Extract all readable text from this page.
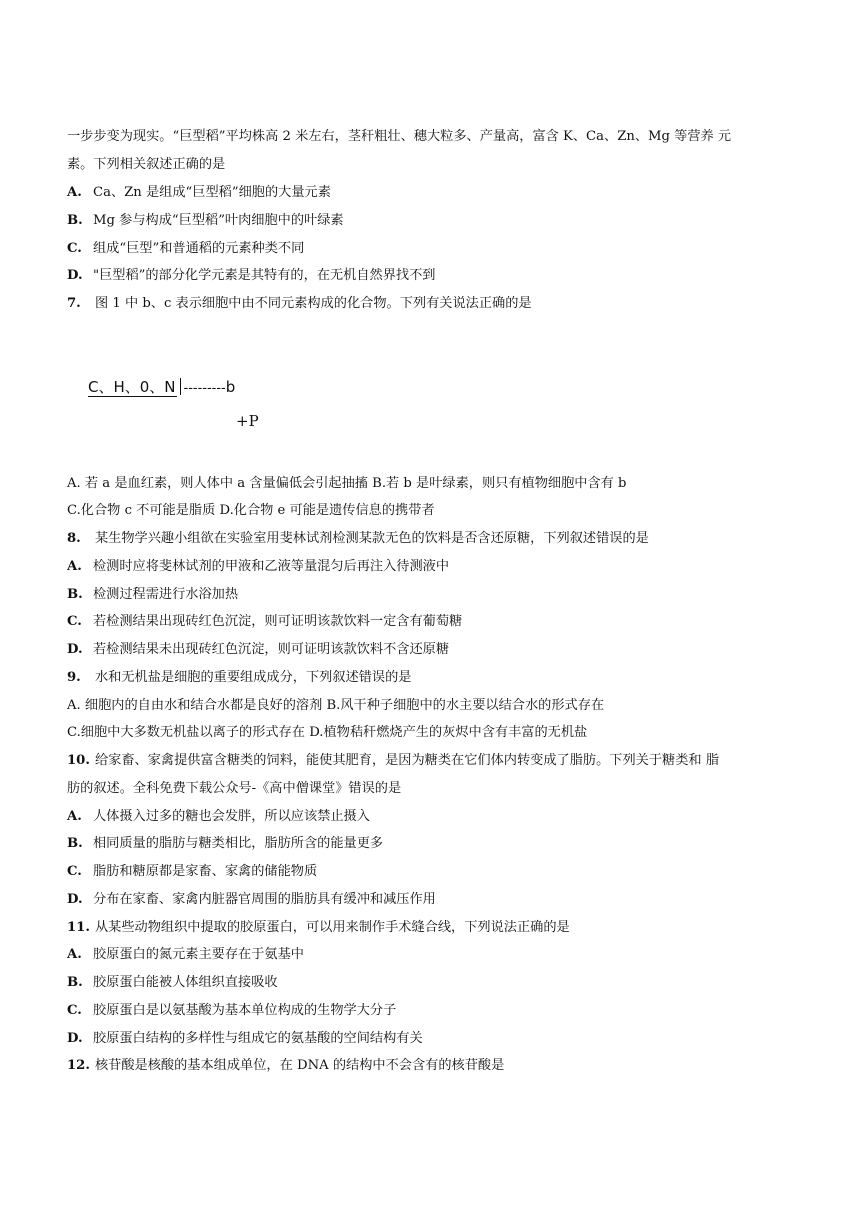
一步步变为现实。“巨型稻”平均株高 2 米左右，茎秆粗壮、穗大粒多、产量高，富含 K、Ca、Zn、Mg 等营养 元
素。下列相关叙述正确的是
A. Ca、Zn 是组成“巨型稻”细胞的大量元素
B. Mg 参与构成“巨型稻”叶肉细胞中的叶绿素
C. 组成“巨型”和普通稻的元素种类不同
D. "巨型稻”的部分化学元素是其特有的，在无机自然界找不到
7. 图 1 中 b、c 表示细胞中由不同元素构成的化合物。下列有关说法正确的是
C、H、0、N ---------b
+P
A. 若 a 是血红素，则人体中 a 含量偏低会引起抽搐 B.若 b 是叶绿素，则只有植物细胞中含有 b
C.化合物 c 不可能是脂质 D.化合物 e 可能是遗传信息的携带者
8. 某生物学兴趣小组欲在实验室用斐林试剂检测某款无色的饮料是否含还原糖，下列叙述错误的是
A. 检测时应将斐林试剂的甲液和乙液等量混匀后再注入待测液中
B. 检测过程需进行水浴加热
C. 若检测结果出现砖红色沉淀，则可证明该款饮料一定含有葡萄糖
D. 若检测结果未出现砖红色沉淀，则可证明该款饮料不含还原糖
9. 水和无机盐是细胞的重要组成成分，下列叙述错误的是
A. 细胞内的自由水和结合水都是良好的溶剂 B.风干种子细胞中的水主要以结合水的形式存在
C.细胞中大多数无机盐以离子的形式存在 D.植物秸秆燃烧产生的灰烬中含有丰富的无机盐
10. 给家畜、家禽提供富含糖类的饲料，能使其肥育，是因为糖类在它们体内转变成了脂肪。下列关于糖类和 脂
肪的叙述。全科免费下载公众号-《高中僧课堂》错误的是
A. 人体摄入过多的糖也会发胖，所以应该禁止摄入
B. 相同质量的脂肪与糖类相比，脂肪所含的能量更多
C. 脂肪和糖原都是家畜、家禽的储能物质
D. 分布在家畜、家禽内脏器官周围的脂肪具有缓冲和减压作用
11. 从某些动物组织中提取的胶原蛋白，可以用来制作手术缝合线，下列说法正确的是
A. 胶原蛋白的氮元素主要存在于氨基中
B. 胶原蛋白能被人体组织直接吸收
C. 胶原蛋白是以氨基酸为基本单位构成的生物学大分子
D. 胶原蛋白结构的多样性与组成它的氨基酸的空间结构有关
12. 核苷酸是核酸的基本组成单位，在 DNA 的结构中不会含有的核苷酸是
